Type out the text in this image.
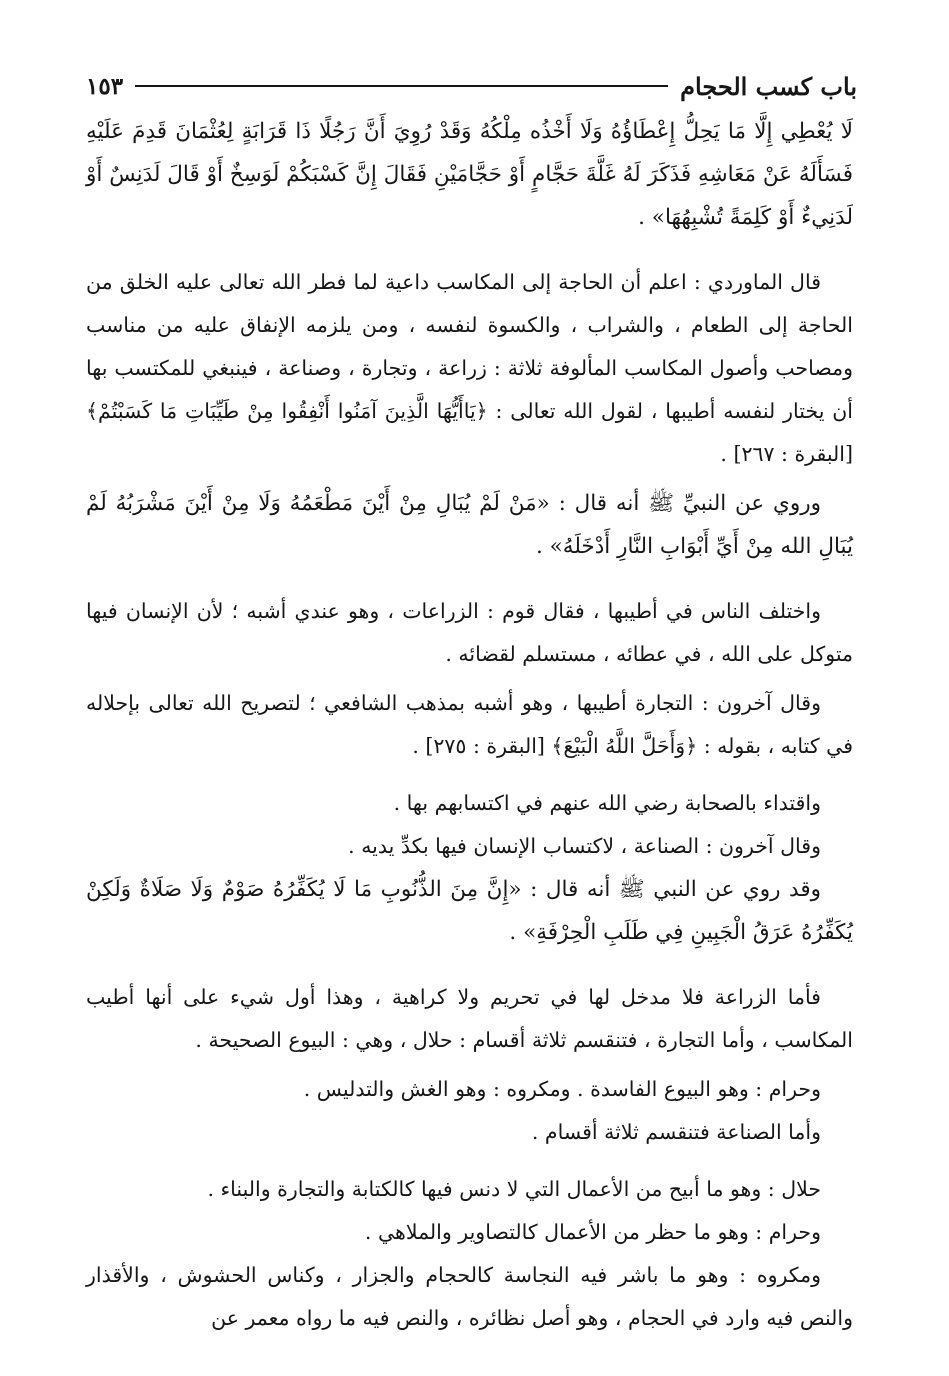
باب كسب الحجام
١٥٣

لَا يُعْطِي إِلَّا مَا يَحِلُّ إِعْطَاؤُهُ وَلَا أَخْذُه مِلْكُهُ وَقَدْ رُوِيَ أَنَّ رَجُلًا ذَا قَرَابَةٍ لِعُثْمَانَ قَدِمَ عَلَيْهِ فَسَأَلَهُ عَنْ مَعَاشِهِ فَذَكَرَ لَهُ غَلَّةَ حَجَّامٍ أَوْ حَجَّامَيْنِ فَقَالَ إِنَّ كَسْبَكُمْ لَوَسِخٌ أَوْ قَالَ لَدَنِسٌ أَوْ لَدَنِيءٌ أَوْ كَلِمَةً تُشْبِهُهَا» .

قال الماوردي : اعلم أن الحاجة إلى المكاسب داعية لما فطر الله تعالى عليه الخلق من الحاجة إلى الطعام ، والشراب ، والكسوة لنفسه ، ومن يلزمه الإنفاق عليه من مناسب ومصاحب وأصول المكاسب المألوفة ثلاثة : زراعة ، وتجارة ، وصناعة ، فينبغي للمكتسب بها أن يختار لنفسه أطيبها ، لقول الله تعالى : ﴿يَاأَيُّهَا الَّذِينَ آمَنُوا أَنْفِقُوا مِنْ طَيِّبَاتِ مَا كَسَبْتُمْ﴾ [البقرة : ٢٦٧] .

وروي عن النبيِّ ﷺ أنه قال : «مَنْ لَمْ يُبَالِ مِنْ أَيْنَ مَطْعَمُهُ وَلَا مِنْ أَيْنَ مَشْرَبُهُ لَمْ يُبَالِ الله مِنْ أَيِّ أَبْوَابِ النَّارِ أَدْخَلَهُ» .

واختلف الناس في أطيبها ، فقال قوم : الزراعات ، وهو عندي أشبه ؛ لأن الإنسان فيها متوكل على الله ، في عطائه ، مستسلم لقضائه .

وقال آخرون : التجارة أطيبها ، وهو أشبه بمذهب الشافعي ؛ لتصريح الله تعالى بإحلاله في كتابه ، بقوله : ﴿وَأَحَلَّ اللَّهُ الْبَيْعَ﴾ [البقرة : ٢٧٥] .

واقتداء بالصحابة رضي الله عنهم في اكتسابهم بها .

وقال آخرون : الصناعة ، لاكتساب الإنسان فيها بكدِّ يديه .

وقد روي عن النبي ﷺ أنه قال : «إِنَّ مِنَ الذُّنُوبِ مَا لَا يُكَفِّرُهُ صَوْمٌ وَلَا صَلَاةٌ وَلَكِنْ يُكَفِّرُهُ عَرَقُ الْجَبِينِ فِي طَلَبِ الْحِرْفَةِ» .

فأما الزراعة فلا مدخل لها في تحريم ولا كراهية ، وهذا أول شيء على أنها أطيب المكاسب ، وأما التجارة ، فتنقسم ثلاثة أقسام : حلال ، وهي : البيوع الصحيحة .

وحرام : وهو البيوع الفاسدة . ومكروه : وهو الغش والتدليس .

وأما الصناعة فتنقسم ثلاثة أقسام .

حلال : وهو ما أبيح من الأعمال التي لا دنس فيها كالكتابة والتجارة والبناء .

وحرام : وهو ما حظر من الأعمال كالتصاوير والملاهي .

ومكروه : وهو ما باشر فيه النجاسة كالحجام والجزار ، وكناس الحشوش ، والأقذار والنص فيه وارد في الحجام ، وهو أصل نظائره ، والنص فيه ما رواه معمر عن
